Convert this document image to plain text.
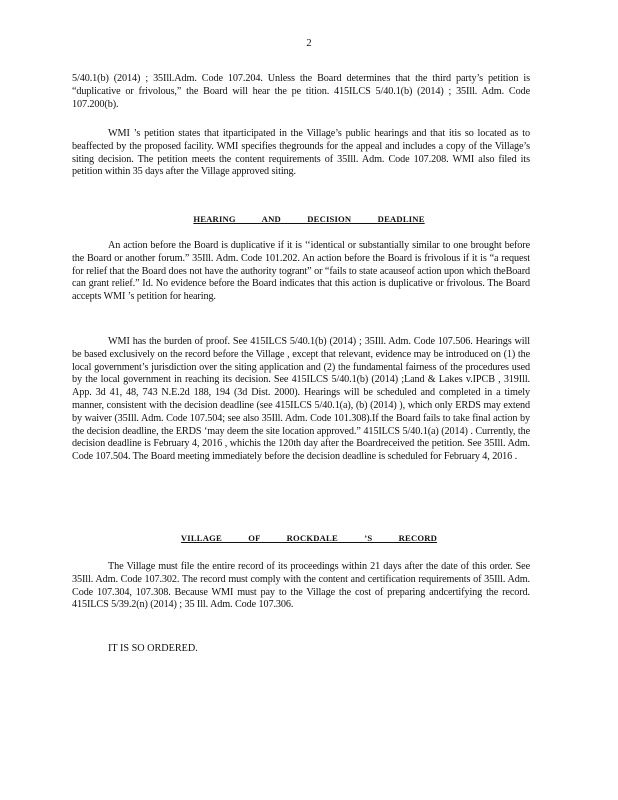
2

5/40.1(b) (2014) ; 35Ill.Adm. Code 107.204. Unless the Board determines that the third party’s petition is “duplicative or frivolous,” the Board will hear the pe tition. 415ILCS 5/40.1(b) (2014) ; 35Ill. Adm. Code 107.200(b).

WMI ’s petition states that itparticipated in the Village’s public hearings and that itis so located as to beaffected by the proposed facility. WMI specifies thegrounds for the appeal and includes a copy of the Village’s siting decision. The petition meets the content requirements of 35Ill. Adm. Code 107.208. WMI also filed its petition within 35 days after the Village approved siting.

HEARING AND DECISION DEADLINE

An action before the Board is duplicative if it is ‘‘identical or substantially similar to one brought before the Board or another forum.” 35Ill. Adm. Code 101.202. An action before the Board is frivolous if it is “a request for relief that the Board does not have the authority togrant” or “fails to state acauseof action upon which theBoard can grant relief.” Id. No evidence before the Board indicates that this action is duplicative or frivolous. The Board accepts WMI ’s petition for hearing.

WMI has the burden of proof. See 415ILCS 5/40.1(b) (2014) ; 35Ill. Adm. Code 107.506. Hearings will be based exclusively on the record before the Village , except that relevant, evidence may be introduced on (1) the local government’s jurisdiction over the siting application and (2) the fundamental fairness of the procedures used by the local government in reaching its decision. See 415ILCS 5/40.1(b) (2014) ;Land & Lakes v.IPCB , 319Ill. App. 3d 41, 48, 743 N.E.2d 188, 194 (3d Dist. 2000). Hearings will be scheduled and completed in a timely manner, consistent with the decision deadline (see 415ILCS 5/40.1(a), (b) (2014) ), which only ERDS may extend by waiver (35Ill. Adm. Code 107.504; see also 35Ill. Adm. Code 101.308).If the Board fails to take final action by the decision deadline, the ERDS ‘may deem the site location approved.” 415ILCS 5/40.1(a) (2014) . Currently, the decision deadline is February 4, 2016 , whichis the 120th day after the Boardreceived the petition. See 35Ill. Adm. Code 107.504. The Board meeting immediately before the decision deadline is scheduled for February 4, 2016 .

VILLAGE OF ROCKDALE ’S RECORD

The Village must file the entire record of its proceedings within 21 days after the date of this order. See 35Ill. Adm. Code 107.302. The record must comply with the content and certification requirements of 35Ill. Adm. Code 107.304, 107.308. Because WMI must pay to the Village the cost of preparing andcertifying the record. 415ILCS 5/39.2(n) (2014) ; 35 Ill. Adm. Code 107.306.

IT IS SO ORDERED.
